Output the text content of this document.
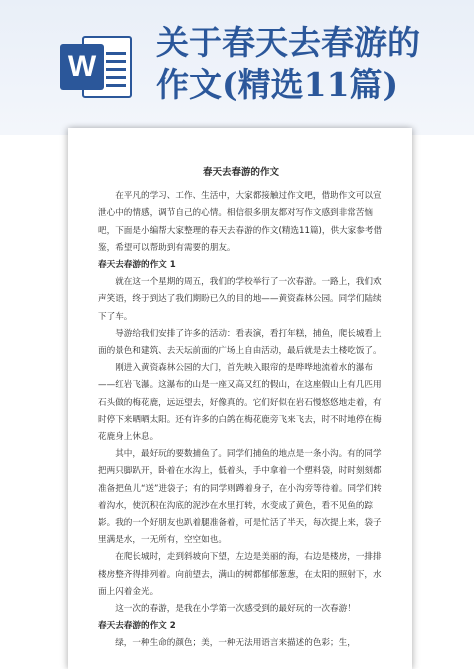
W
关于春天去春游的
作文(精选11篇)
春天去春游的作文

在平凡的学习、工作、生活中，大家都接触过作文吧，借助作文可以宣泄心中的情感，调节自己的心情。相信很多朋友都对写作文感到非常苦恼吧，下面是小编帮大家整理的春天去春游的作文(精选11篇)，供大家参考借鉴，希望可以帮助到有需要的朋友。

春天去春游的作文 1

就在这一个星期的周五，我们的学校举行了一次春游。一路上，我们欢声笑语，终于到达了我们期盼已久的目的地——黄资森林公园。同学们陆续下了车。

导游给我们安排了许多的活动：看表演，看打年糕，捕鱼，爬长城看上面的景色和建筑、去天坛前面的广场上自由活动，最后就是去土楼吃饭了。

刚进入黄资森林公园的大门，首先映入眼帘的是哗哗地流着水的瀑布——红岩飞瀑。这瀑布的山是一座又高又红的假山，在这座假山上有几匹用石头做的梅花鹿，远远望去，好像真的。它们好似在岩石慢悠悠地走着，有时停下来晒晒太阳。还有许多的白鸽在梅花鹿旁飞来飞去，时不时地停在梅花鹿身上休息。

其中，最好玩的要数捕鱼了。同学们捕鱼的地点是一条小沟。有的同学把两只脚趴开，卧着在水沟上，低着头，手中拿着一个塑料袋，时时刻刻都准备把鱼儿“送”进袋子；有的同学则蹲着身子，在小沟旁等待着。同学们转着沟水，使沉积在沟底的泥沙在水里打转，水变成了黄色，看不见鱼的踪影。我的一个好朋友也趴着腿准备着，可是忙活了半天，每次提上来，袋子里满是水，一无所有，空空如也。

在爬长城时，走到斜坡向下望，左边是美丽的海，右边是楼房，一排排楼房整齐得排列着。向前望去，满山的树都郁郁葱葱，在太阳的照射下，水面上闪着金光。

这一次的春游，是我在小学第一次感受到的最好玩的一次春游！

春天去春游的作文 2

绿，一种生命的颜色；美，一种无法用语言来描述的色彩；生，
